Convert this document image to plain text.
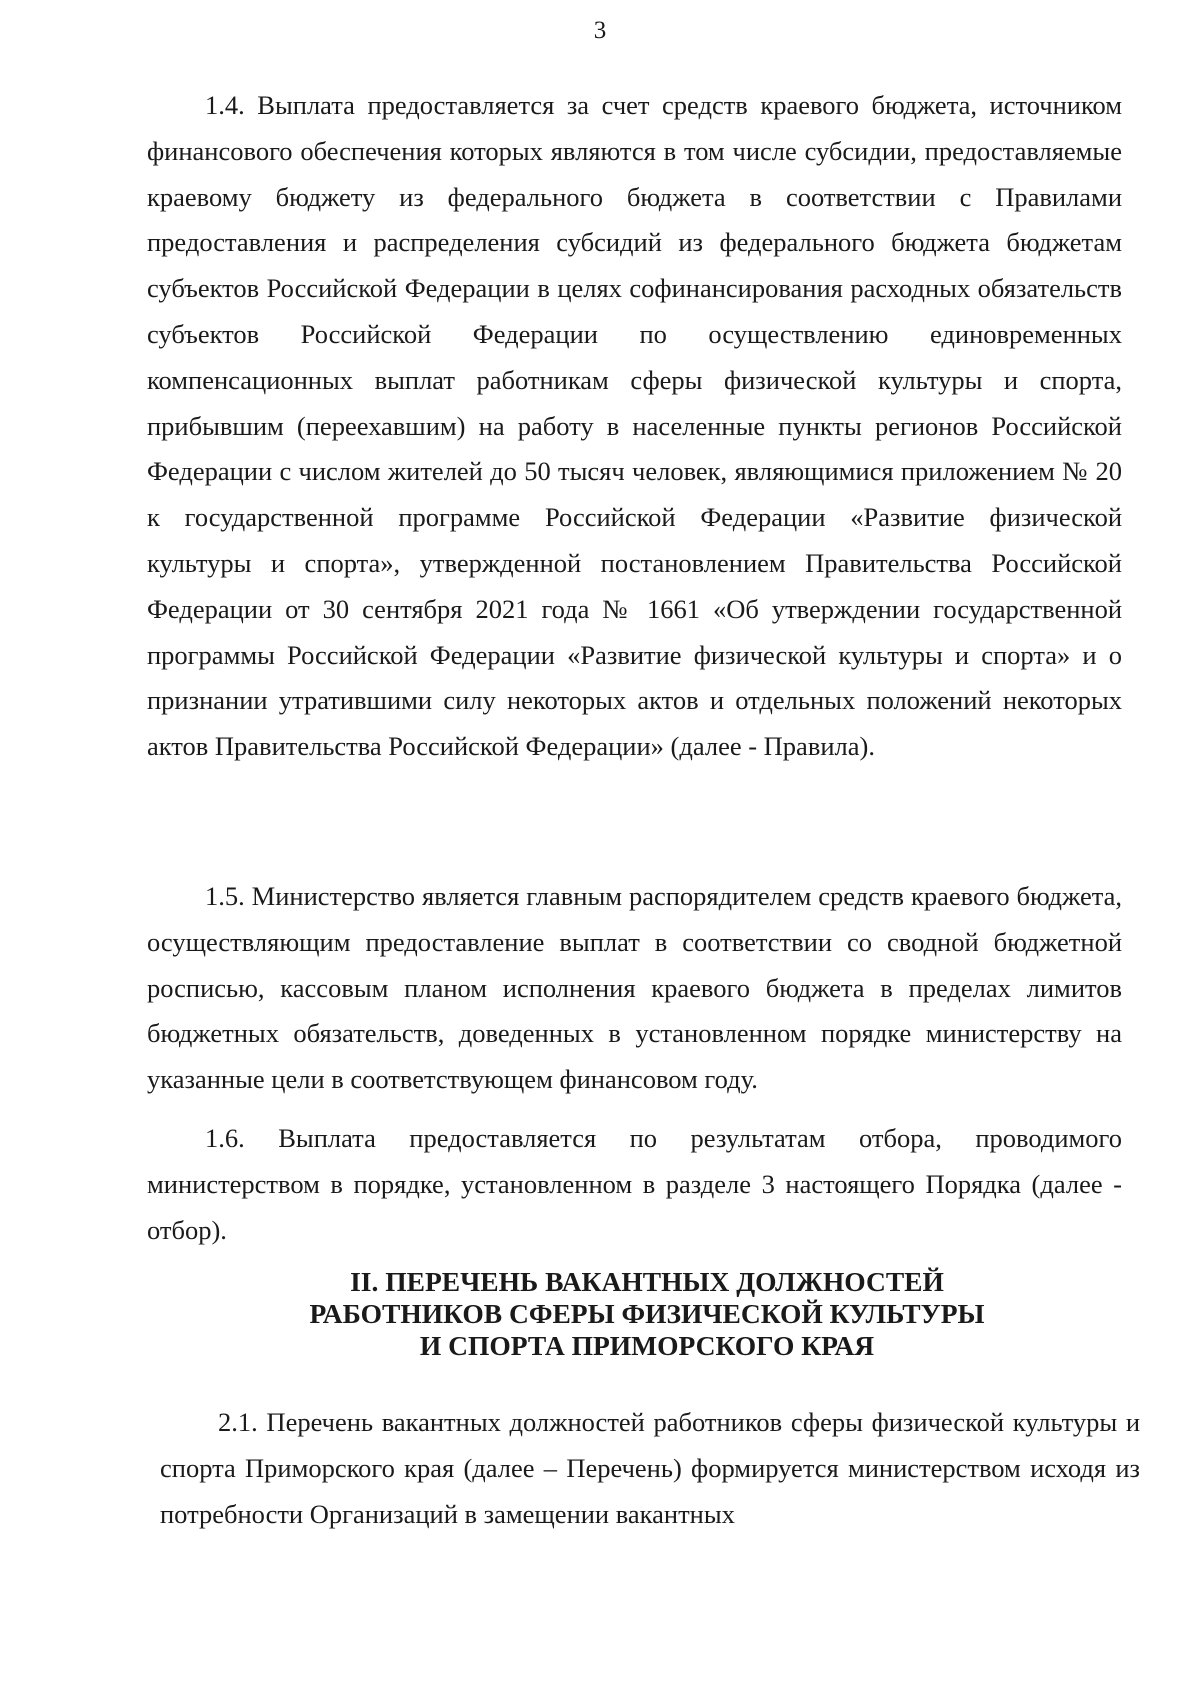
3

1.4. Выплата предоставляется за счет средств краевого бюджета, источником финансового обеспечения которых являются в том числе субсидии, предоставляемые краевому бюджету из федерального бюджета в соответствии с Правилами предоставления и распределения субсидий из федерального бюджета бюджетам субъектов Российской Федерации в целях софинансирования расходных обязательств субъектов Российской Федерации по осуществлению единовременных компенсационных выплат работникам сферы физической культуры и спорта, прибывшим (переехавшим) на работу в населенные пункты регионов Российской Федерации с числом жителей до 50 тысяч человек, являющимися приложением № 20 к государственной программе Российской Федерации «Развитие физической культуры и спорта», утвержденной постановлением Правительства Российской Федерации от 30 сентября 2021 года № 1661 «Об утверждении государственной программы Российской Федерации «Развитие физической культуры и спорта» и о признании утратившими силу некоторых актов и отдельных положений некоторых актов Правительства Российской Федерации» (далее - Правила).

1.5. Министерство является главным распорядителем средств краевого бюджета, осуществляющим предоставление выплат в соответствии со сводной бюджетной росписью, кассовым планом исполнения краевого бюджета в пределах лимитов бюджетных обязательств, доведенных в установленном порядке министерству на указанные цели в соответствующем финансовом году.

1.6. Выплата предоставляется по результатам отбора, проводимого министерством в порядке, установленном в разделе 3 настоящего Порядка (далее - отбор).

II. ПЕРЕЧЕНЬ ВАКАНТНЫХ ДОЛЖНОСТЕЙ
РАБОТНИКОВ СФЕРЫ ФИЗИЧЕСКОЙ КУЛЬТУРЫ
И СПОРТА ПРИМОРСКОГО КРАЯ

2.1. Перечень вакантных должностей работников сферы физической культуры и спорта Приморского края (далее – Перечень) формируется министерством исходя из потребности Организаций в замещении вакантных
